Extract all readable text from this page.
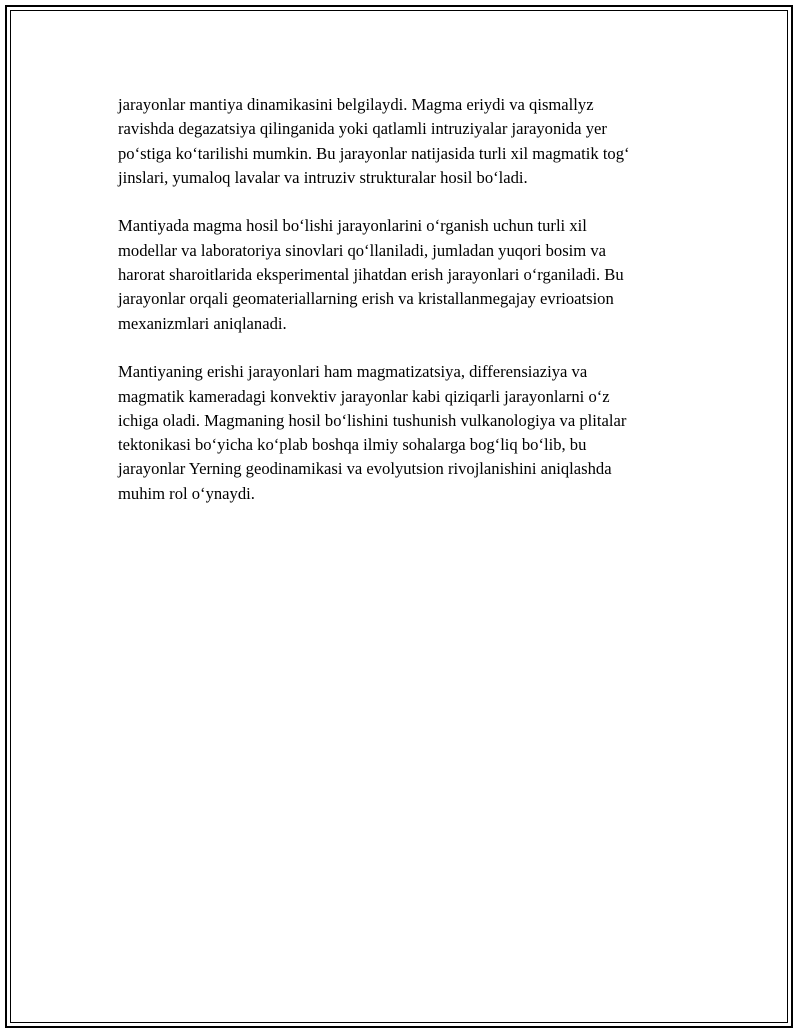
jarayonlar mantiya dinamikasini belgilaydi. Magma eriydi va qismallyz
ravishda degazatsiya qilinganida yoki qatlamli intruziyalar jarayonida yer
poʻstiga koʻtarilishi mumkin. Bu jarayonlar natijasida turli xil magmatik togʻ
jinslari, yumaloq lavalar va intruziv strukturalar hosil boʻladi.

Mantiyada magma hosil boʻlishi jarayonlarini oʻrganish uchun turli xil
modellar va laboratoriya sinovlari qoʻllaniladi, jumladan yuqori bosim va
harorat sharoitlarida eksperimental jihatdan erish jarayonlari oʻrganiladi. Bu
jarayonlar orqali geomateriallarning erish va kristallanmegajay evrioatsion
mexanizmlari aniqlanadi.

Mantiyaning erishi jarayonlari ham magmatizatsiya, differensiaziya va
magmatik kameradagi konvektiv jarayonlar kabi qiziqarli jarayonlarni oʻz
ichiga oladi. Magmaning hosil boʻlishini tushunish vulkanologiya va plitalar
tektonikasi boʻyicha koʻplab boshqa ilmiy sohalarga bogʻliq boʻlib, bu
jarayonlar Yerning geodinamikasi va evolyutsion rivojlanishini aniqlashda
muhim rol oʻynaydi.
